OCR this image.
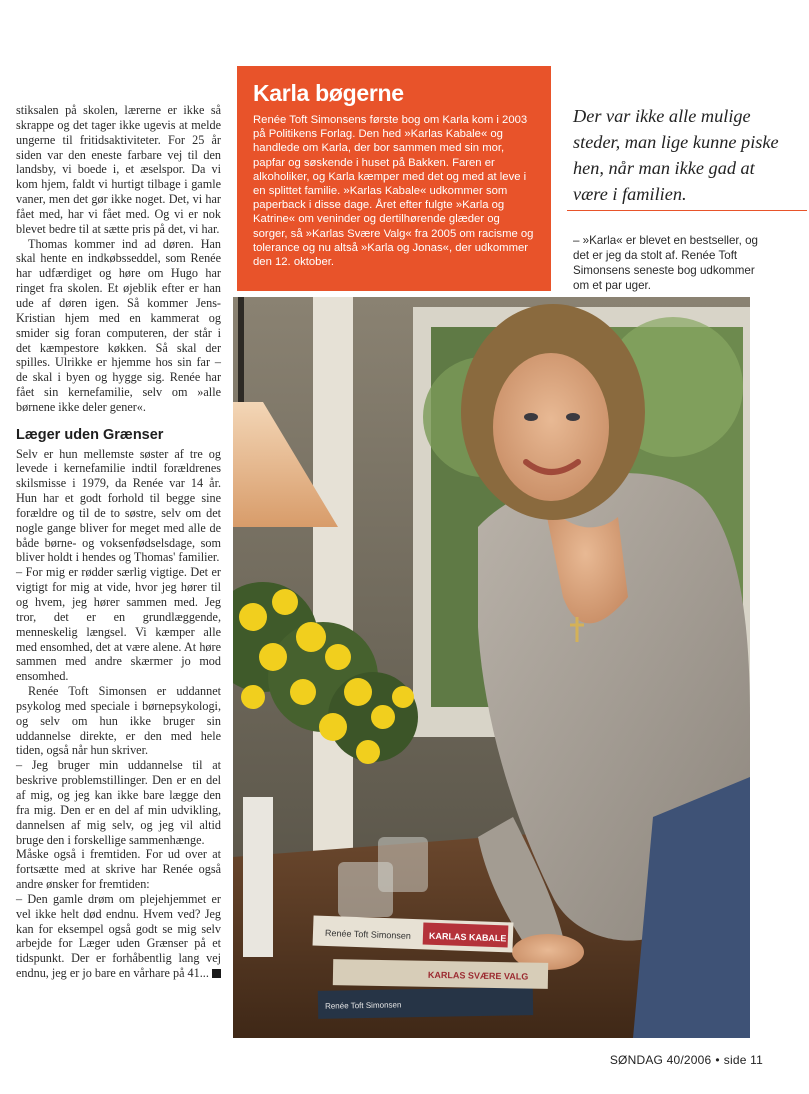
stiksalen på skolen, lærerne er ikke så skrappe og det tager ikke ugevis at melde ungerne til fritidsaktiviteter. For 25 år siden var den eneste farbare vej til den landsby, vi boede i, et æselspor. Da vi kom hjem, faldt vi hurtigt tilbage i gamle vaner, men det gør ikke noget. Det, vi har fået med, har vi fået med. Og vi er nok blevet bedre til at sætte pris på det, vi har.

Thomas kommer ind ad døren. Han skal hente en indkøbsseddel, som Renée har udfærdiget og høre om Hugo har ringet fra skolen. Et øjeblik efter er han ude af døren igen. Så kommer Jens-Kristian hjem med en kammerat og smider sig foran computeren, der står i det kæmpestore køkken. Så skal der spilles. Ulrikke er hjemme hos sin far – de skal i byen og hygge sig. Renée har fået sin kernefamilie, selv om »alle børnene ikke deler gener«.

Læger uden Grænser

Selv er hun mellemste søster af tre og levede i kernefamilie indtil forældrenes skilsmisse i 1979, da Renée var 14 år. Hun har et godt forhold til begge sine forældre og til de to søstre, selv om det nogle gange bliver for meget med alle de både børne- og voksenfødselsdage, som bliver holdt i hendes og Thomas' familier.

– For mig er rødder særlig vigtige. Det er vigtigt for mig at vide, hvor jeg hører til og hvem, jeg hører sammen med. Jeg tror, det er en grundlæggende, menneskelig længsel. Vi kæmper alle med ensomhed, det at være alene. At høre sammen med andre skærmer jo mod ensomhed.

Renée Toft Simonsen er uddannet psykolog med speciale i børnepsykologi, og selv om hun ikke bruger sin uddannelse direkte, er den med hele tiden, også når hun skriver.

– Jeg bruger min uddannelse til at beskrive problemstillinger. Den er en del af mig, og jeg kan ikke bare lægge den fra mig. Den er en del af min udvikling, dannelsen af mig selv, og jeg vil altid bruge den i forskellige sammenhænge.

Måske også i fremtiden. For ud over at fortsætte med at skrive har Renée også andre ønsker for fremtiden:

– Den gamle drøm om plejehjemmet er vel ikke helt død endnu. Hvem ved? Jeg kan for eksempel også godt se mig selv arbejde for Læger uden Grænser på et tidspunkt. Der er forhåbentlig lang vej endnu, jeg er jo bare en vårhare på 41...

Karla bøgerne
Renée Toft Simonsens første bog om Karla kom i 2003 på Politikens Forlag. Den hed »Karlas Kabale« og handlede om Karla, der bor sammen med sin mor, papfar og søskende i huset på Bakken. Faren er alkoholiker, og Karla kæmper med det og med at leve i en splittet familie. »Karlas Kabale« udkommer som paperback i disse dage. Året efter fulgte »Karla og Katrine« om veninder og dertilhørende glæder og sorger, så »Karlas Svære Valg« fra 2005 om racisme og tolerance og nu altså »Karla og Jonas«, der udkommer den 12. oktober.
Der var ikke alle mulige steder, man lige kunne piske hen, når man ikke gad at være i familien.
– »Karla« er blevet en bestseller, og det er jeg da stolt af. Renée Toft Simonsens seneste bog udkommer om et par uger.
Renée Toft Simonsen KARLAS KABALE
KARLAS SVÆRE VALG
Renée Toft Simonsen
SØNDAG 40/2006 • side 11
